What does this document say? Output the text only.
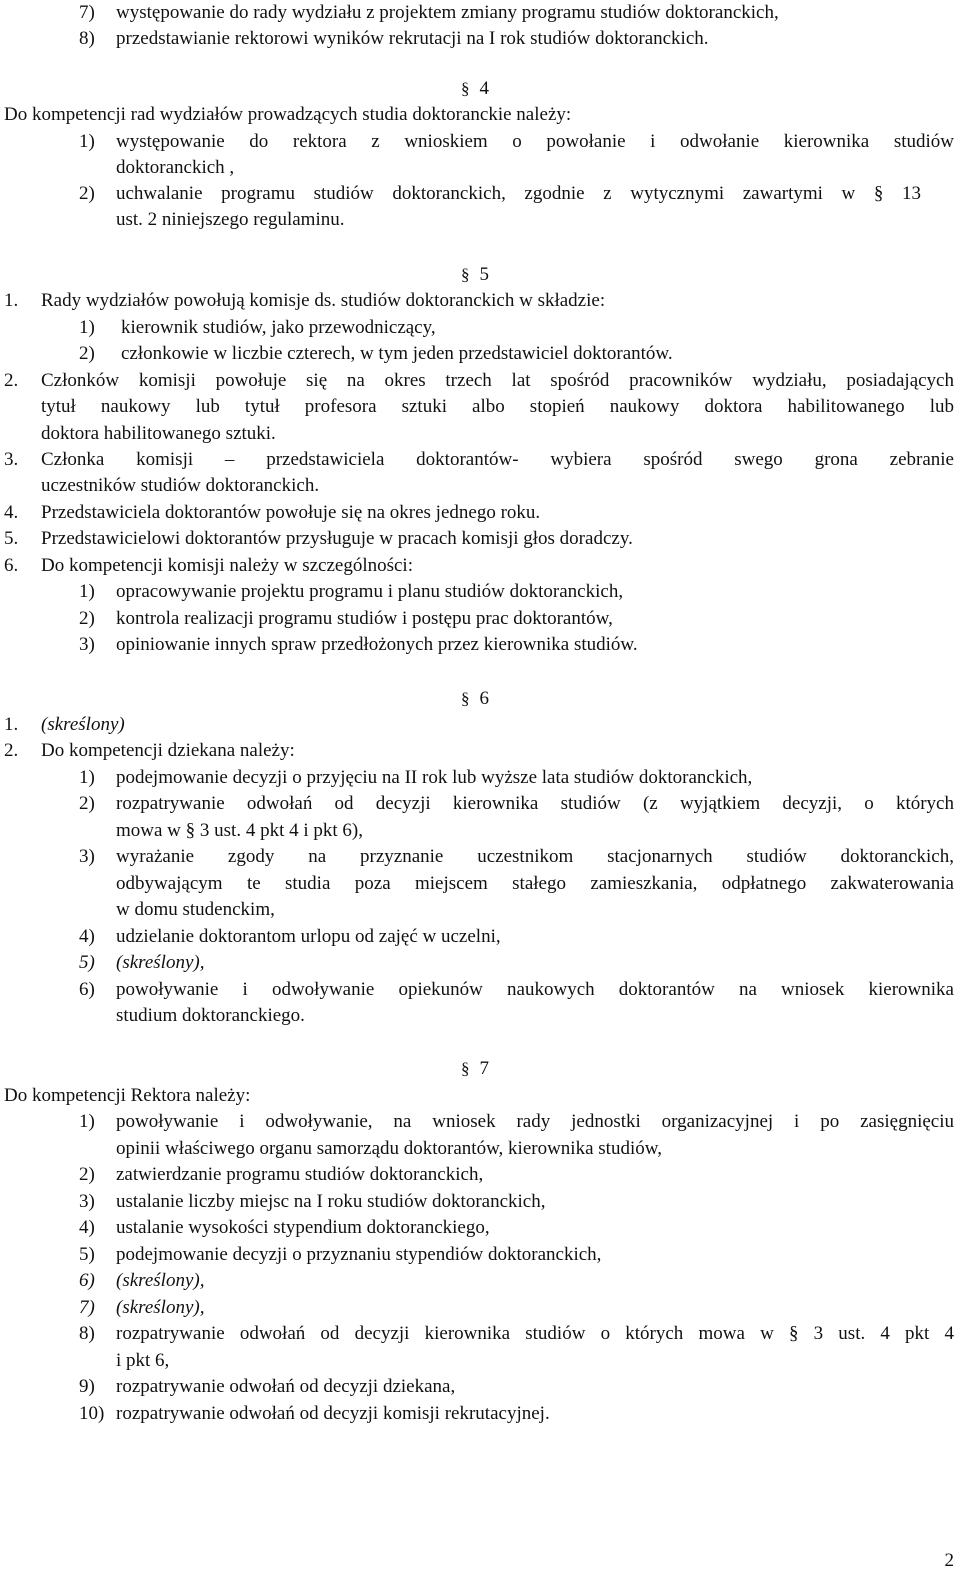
7) występowanie do rady wydziału z projektem zmiany programu studiów doktoranckich,
8) przedstawianie rektorowi wyników rekrutacji na I rok studiów doktoranckich.
§ 4
Do kompetencji rad wydziałów prowadzących studia doktoranckie należy:
1) występowanie do rektora z wnioskiem o powołanie i odwołanie kierownika studiów
doktoranckich ,
2) uchwalanie programu studiów doktoranckich, zgodnie z wytycznymi zawartymi w § 13
ust. 2 niniejszego regulaminu.
§ 5
1. Rady wydziałów powołują komisje ds. studiów doktoranckich w składzie:
1) kierownik studiów, jako przewodniczący,
2) członkowie w liczbie czterech, w tym jeden przedstawiciel doktorantów.
2. Członków komisji powołuje się na okres trzech lat spośród pracowników wydziału, posiadających
tytuł naukowy lub tytuł profesora sztuki albo stopień naukowy doktora habilitowanego lub
doktora habilitowanego sztuki.
3. Członka komisji – przedstawiciela doktorantów- wybiera spośród swego grona zebranie
uczestników studiów doktoranckich.
4. Przedstawiciela doktorantów powołuje się na okres jednego roku.
5. Przedstawicielowi doktorantów przysługuje w pracach komisji głos doradczy.
6. Do kompetencji komisji należy w szczególności:
1) opracowywanie projektu programu i planu studiów doktoranckich,
2) kontrola realizacji programu studiów i postępu prac doktorantów,
3) opiniowanie innych spraw przedłożonych przez kierownika studiów.
§ 6
1. (skreślony)
2. Do kompetencji dziekana należy:
1) podejmowanie decyzji o przyjęciu na II rok lub wyższe lata studiów doktoranckich,
2) rozpatrywanie odwołań od decyzji kierownika studiów (z wyjątkiem decyzji, o których
mowa w § 3 ust. 4 pkt 4 i pkt 6),
3) wyrażanie zgody na przyznanie uczestnikom stacjonarnych studiów doktoranckich,
odbywającym te studia poza miejscem stałego zamieszkania, odpłatnego zakwaterowania
w domu studenckim,
4) udzielanie doktorantom urlopu od zajęć w uczelni,
5) (skreślony),
6) powoływanie i odwoływanie opiekunów naukowych doktorantów na wniosek kierownika
studium doktoranckiego.
§ 7
Do kompetencji Rektora należy:
1) powoływanie i odwoływanie, na wniosek rady jednostki organizacyjnej i po zasięgnięciu
opinii właściwego organu samorządu doktorantów, kierownika studiów,
2) zatwierdzanie programu studiów doktoranckich,
3) ustalanie liczby miejsc na I roku studiów doktoranckich,
4) ustalanie wysokości stypendium doktoranckiego,
5) podejmowanie decyzji o przyznaniu stypendiów doktoranckich,
6) (skreślony),
7) (skreślony),
8) rozpatrywanie odwołań od decyzji kierownika studiów o których mowa w § 3 ust. 4 pkt 4
i pkt 6,
9) rozpatrywanie odwołań od decyzji dziekana,
10) rozpatrywanie odwołań od decyzji komisji rekrutacyjnej.
2
